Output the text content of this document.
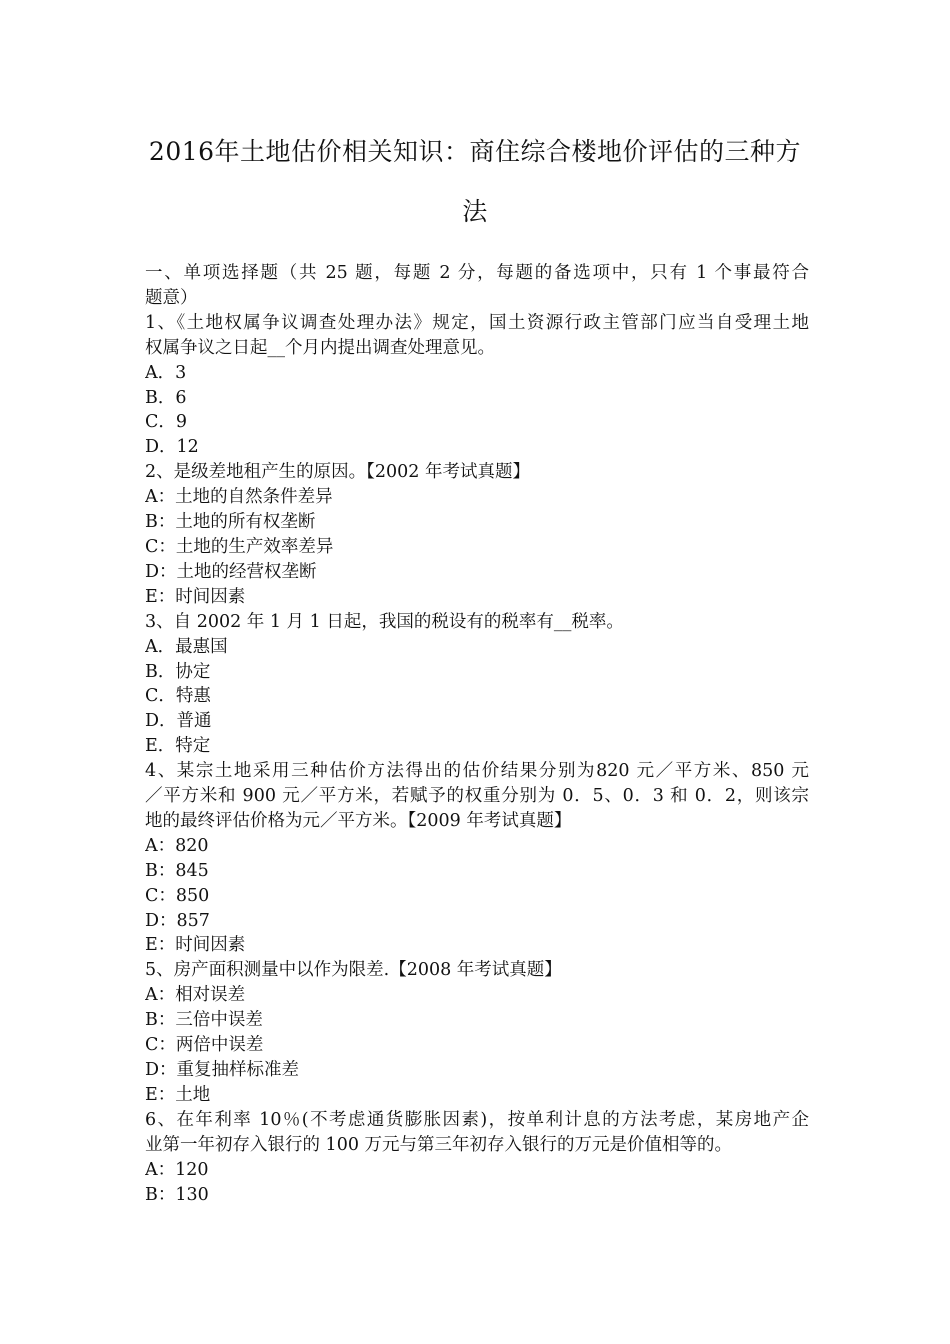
2016年土地估价相关知识：商住综合楼地价评估的三种方
法
一、单项选择题（共 25 题，每题 2 分，每题的备选项中，只有 1 个事最符合
题意）
1、《土地权属争议调查处理办法》规定，国土资源行政主管部门应当自受理土地
权属争议之日起__个月内提出调查处理意见。
A．3
B．6
C．9
D．12
2、是级差地租产生的原因。【2002 年考试真题】
A：土地的自然条件差异
B：土地的所有权垄断
C：土地的生产效率差异
D：土地的经营权垄断
E：时间因素
3、自 2002 年 1 月 1 日起，我国的税设有的税率有__税率。
A．最惠国
B．协定
C．特惠
D．普通
E．特定
4、某宗土地采用三种估价方法得出的估价结果分别为820 元／平方米、850 元
／平方米和 900 元／平方米，若赋予的权重分别为 0．5、0．3 和 0．2，则该宗
地的最终评估价格为元／平方米。【2009 年考试真题】
A：820
B：845
C：850
D：857
E：时间因素
5、房产面积测量中以作为限差.【2008 年考试真题】
A：相对误差
B：三倍中误差
C：两倍中误差
D：重复抽样标准差
E：土地
6、在年利率 10％(不考虑通货膨胀因素)，按单利计息的方法考虑，某房地产企
业第一年初存入银行的 100 万元与第三年初存入银行的万元是价值相等的。
A：120
B：130
